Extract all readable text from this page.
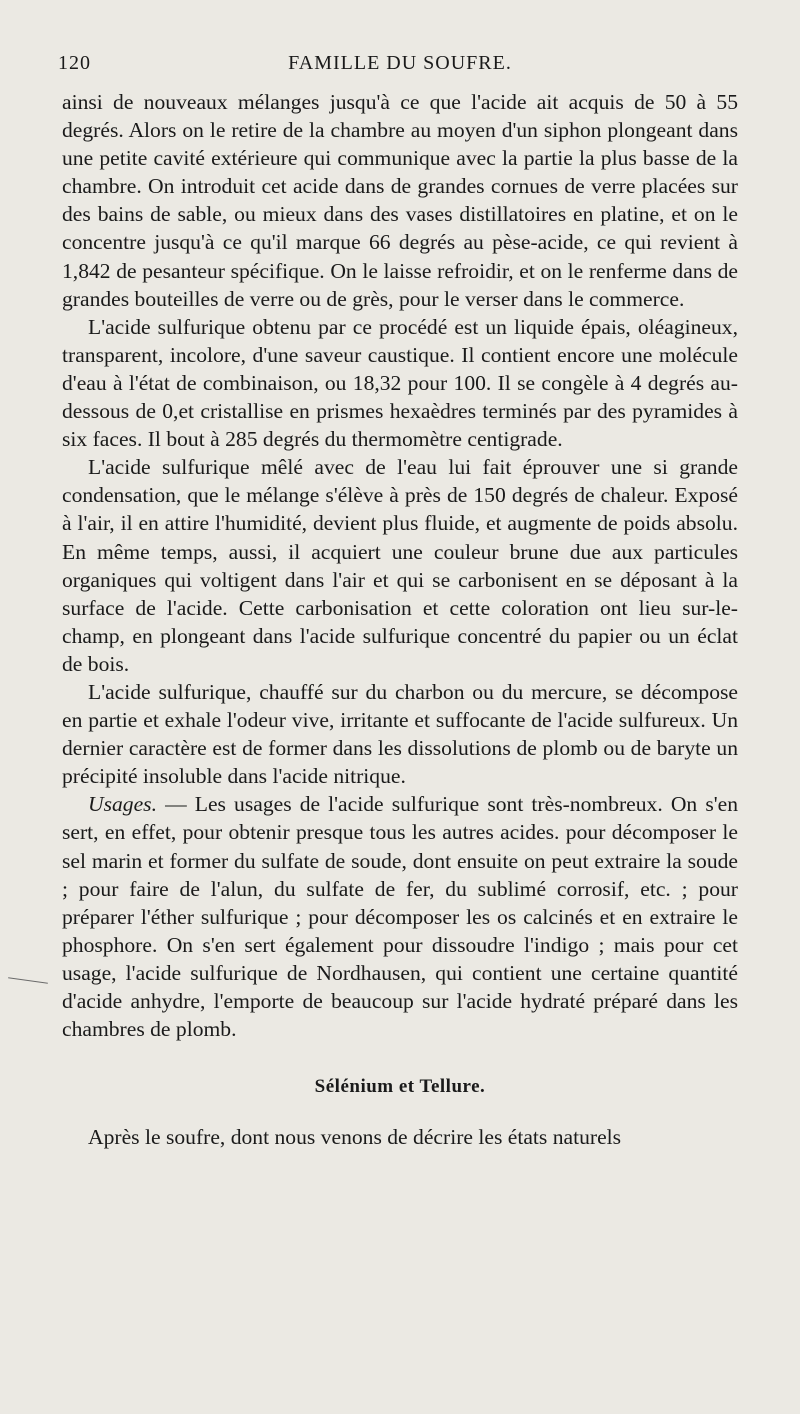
120	FAMILLE DU SOUFRE.

ainsi de nouveaux mélanges jusqu'à ce que l'acide ait acquis de 50 à 55 degrés. Alors on le retire de la chambre au moyen d'un siphon plongeant dans une petite cavité extérieure qui communique avec la partie la plus basse de la chambre. On introduit cet acide dans de grandes cornues de verre placées sur des bains de sable, ou mieux dans des vases distillatoires en platine, et on le concentre jusqu'à ce qu'il marque 66 degrés au pèse-acide, ce qui revient à 1,842 de pesanteur spécifique. On le laisse refroidir, et on le renferme dans de grandes bouteilles de verre ou de grès, pour le verser dans le commerce.

L'acide sulfurique obtenu par ce procédé est un liquide épais, oléagineux, transparent, incolore, d'une saveur caustique. Il contient encore une molécule d'eau à l'état de combinaison, ou 18,32 pour 100. Il se congèle à 4 degrés au-dessous de 0,et cristallise en prismes hexaèdres terminés par des pyramides à six faces. Il bout à 285 degrés du thermomètre centigrade.

L'acide sulfurique mêlé avec de l'eau lui fait éprouver une si grande condensation, que le mélange s'élève à près de 150 degrés de chaleur. Exposé à l'air, il en attire l'humidité, devient plus fluide, et augmente de poids absolu. En même temps, aussi, il acquiert une couleur brune due aux particules organiques qui voltigent dans l'air et qui se carbonisent en se déposant à la surface de l'acide. Cette carbonisation et cette coloration ont lieu sur-le-champ, en plongeant dans l'acide sulfurique concentré du papier ou un éclat de bois.

L'acide sulfurique, chauffé sur du charbon ou du mercure, se décompose en partie et exhale l'odeur vive, irritante et suffocante de l'acide sulfureux. Un dernier caractère est de former dans les dissolutions de plomb ou de baryte un précipité insoluble dans l'acide nitrique.

Usages. — Les usages de l'acide sulfurique sont très-nombreux. On s'en sert, en effet, pour obtenir presque tous les autres acides. pour décomposer le sel marin et former du sulfate de soude, dont ensuite on peut extraire la soude ; pour faire de l'alun, du sulfate de fer, du sublimé corrosif, etc. ; pour préparer l'éther sulfurique ; pour décomposer les os calcinés et en extraire le phosphore. On s'en sert également pour dissoudre l'indigo ; mais pour cet usage, l'acide sulfurique de Nordhausen, qui contient une certaine quantité d'acide anhydre, l'emporte de beaucoup sur l'acide hydraté préparé dans les chambres de plomb.

Sélénium et Tellure.

Après le soufre, dont nous venons de décrire les états naturels
